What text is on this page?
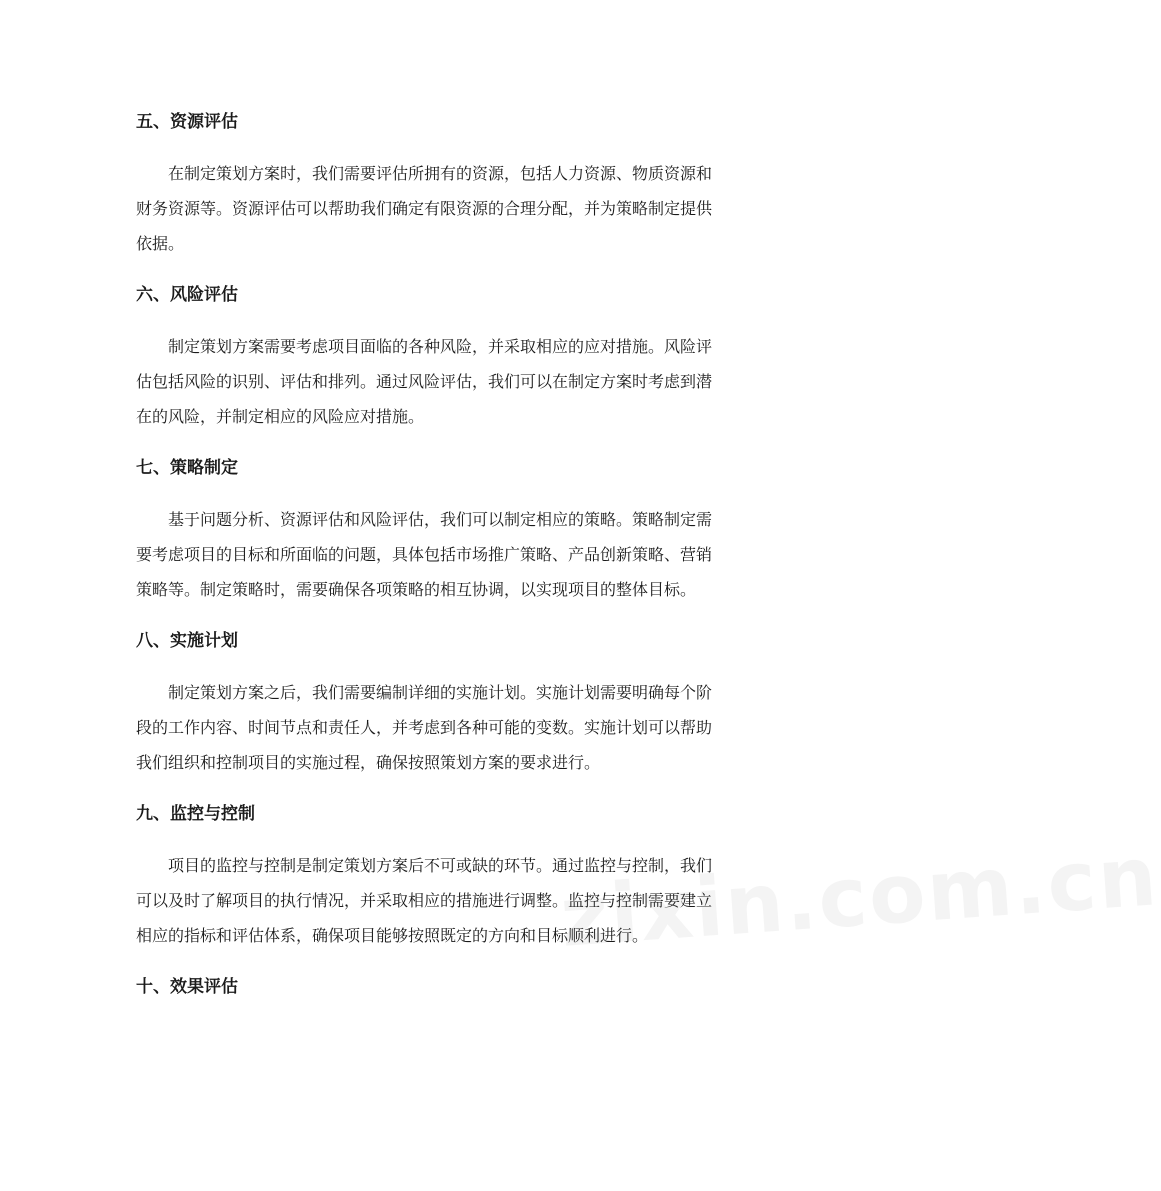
五、资源评估
在制定策划方案时，我们需要评估所拥有的资源，包括人力资源、物质资源和
财务资源等。资源评估可以帮助我们确定有限资源的合理分配，并为策略制定提供
依据。
六、风险评估
制定策划方案需要考虑项目面临的各种风险，并采取相应的应对措施。风险评
估包括风险的识别、评估和排列。通过风险评估，我们可以在制定方案时考虑到潜
在的风险，并制定相应的风险应对措施。
七、策略制定
基于问题分析、资源评估和风险评估，我们可以制定相应的策略。策略制定需
要考虑项目的目标和所面临的问题，具体包括市场推广策略、产品创新策略、营销
策略等。制定策略时，需要确保各项策略的相互协调，以实现项目的整体目标。
八、实施计划
制定策划方案之后，我们需要编制详细的实施计划。实施计划需要明确每个阶
段的工作内容、时间节点和责任人，并考虑到各种可能的变数。实施计划可以帮助
我们组织和控制项目的实施过程，确保按照策划方案的要求进行。
九、监控与控制
项目的监控与控制是制定策划方案后不可或缺的环节。通过监控与控制，我们
可以及时了解项目的执行情况，并采取相应的措施进行调整。监控与控制需要建立
相应的指标和评估体系，确保项目能够按照既定的方向和目标顺利进行。
十、效果评估
zixin.com.cn
